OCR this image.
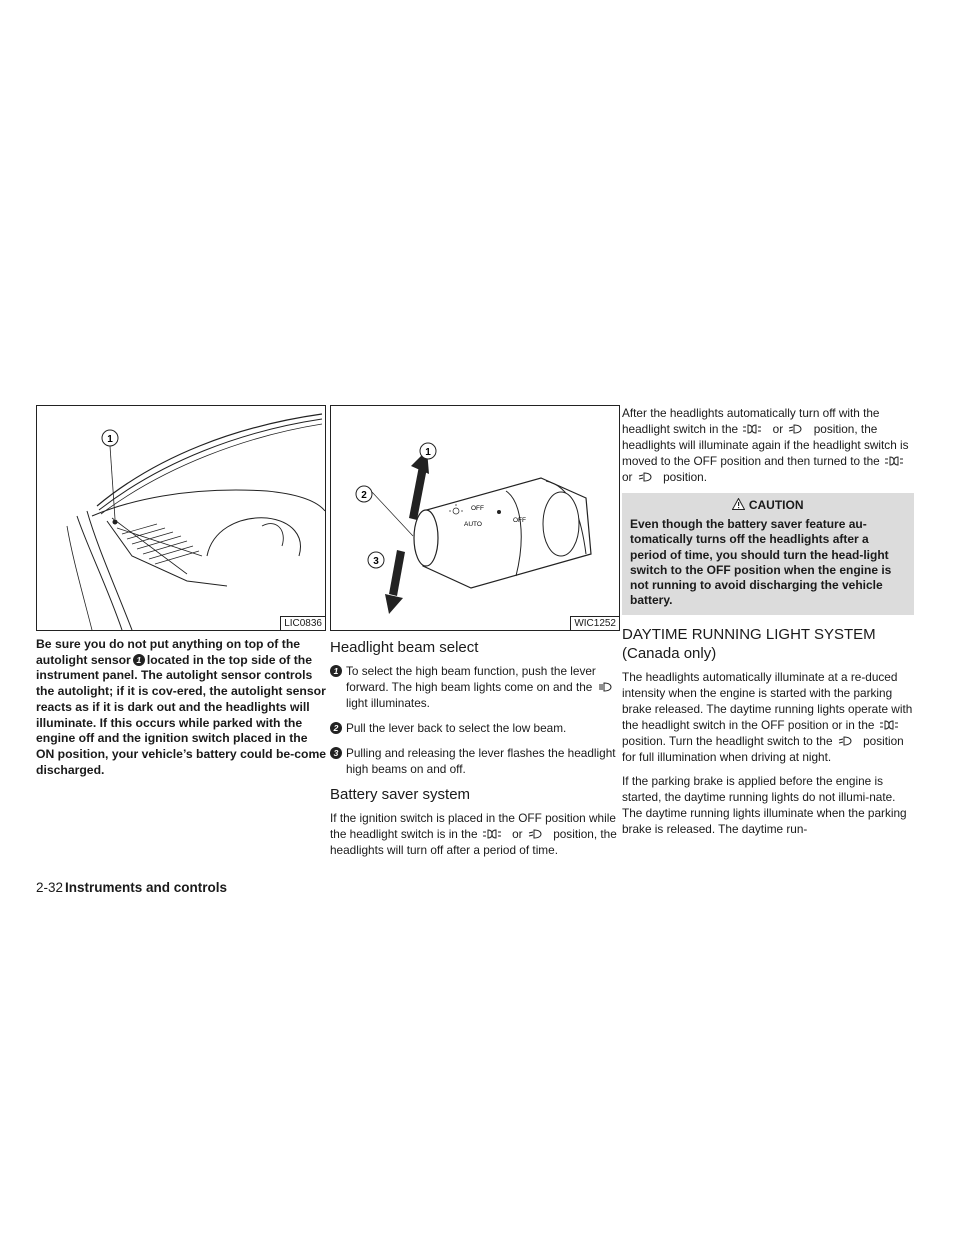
1
LIC0836

Be sure you do not put anything on top of the autolight sensor 1 located in the top side of the instrument panel. The autolight sensor controls the autolight; if it is cov-ered, the autolight sensor reacts as if it is dark out and the headlights will illuminate. If this occurs while parked with the engine off and the ignition switch placed in the ON position, your vehicle’s battery could be-come discharged.

OFF
AUTO
OFF
1
2
3
WIC1252
Headlight beam select
1 To select the high beam function, push the lever forward. The high beam lights come on and the  light illuminates.
2 Pull the lever back to select the low beam.
3 Pulling and releasing the lever flashes the headlight high beams on and off.
Battery saver system

If the ignition switch is placed in the OFF position while the headlight switch is in the	or	position, the headlights will turn off after a period of time.

After the headlights automatically turn off with the headlight switch in the	or	position, the headlights will illuminate again if the headlight switch is moved to the OFF position and then turned to the  or	position.

CAUTION
Even though the battery saver feature au-tomatically turns off the headlights after a period of time, you should turn the head-light switch to the OFF position when the engine is not running to avoid discharging the vehicle battery.
DAYTIME RUNNING LIGHT SYSTEM (Canada only)

The headlights automatically illuminate at a re-duced intensity when the engine is started with the parking brake released. The daytime running lights operate with the headlight switch in the OFF position or in the  position. Turn the headlight switch to the	position for full illumination when driving at night.

If the parking brake is applied before the engine is started, the daytime running lights do not illumi-nate. The daytime running lights illuminate when the parking brake is released. The daytime run-

2-32 Instruments and controls
